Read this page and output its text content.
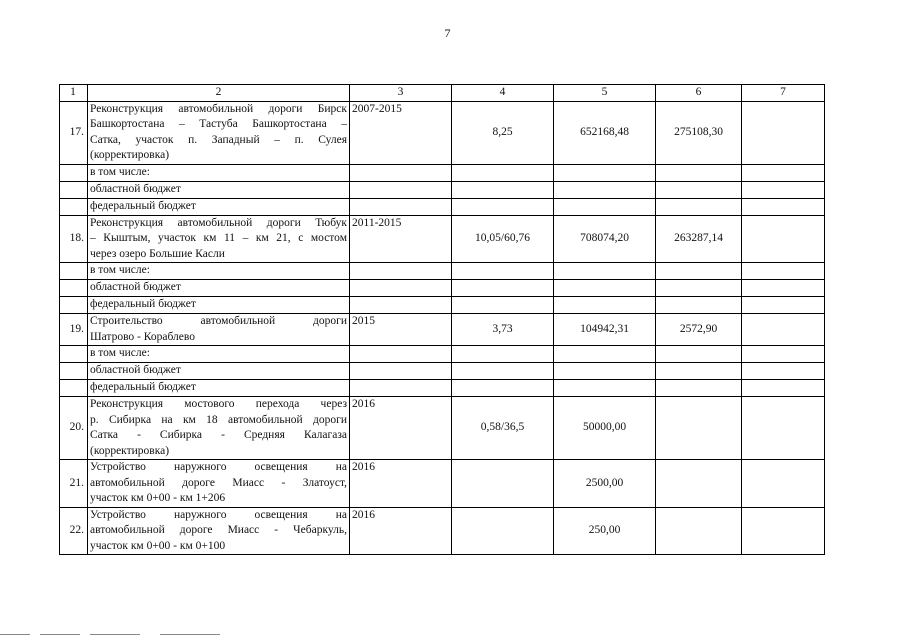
7
1	2	3	4	5	6	7
17.	Реконструкция автомобильной дороги Бирск
Башкортостана – Тастуба Башкортостана –
Сатка, участок п. Западный – п. Сулея
(корректировка)	2007-2015	8,25	652168,48	275108,30	
	в том числе:					
	областной бюджет					
	федеральный бюджет					
18.	Реконструкция автомобильной дороги Тюбук
– Кыштым, участок км 11 – км 21, с мостом
через озеро Большие Касли	2011-2015	10,05/60,76	708074,20	263287,14	
	в том числе:					
	областной бюджет					
	федеральный бюджет					
19.	Строительство автомобильной дороги
Шатрово - Кораблево	2015	3,73	104942,31	2572,90	
	в том числе:					
	областной бюджет					
	федеральный бюджет					
20.	Реконструкция мостового перехода через
р. Сибирка на км 18 автомобильной дороги
Сатка - Сибирка - Средняя Калагаза
(корректировка)	2016	0,58/36,5	50000,00		
21.	Устройство наружного освещения на
автомобильной дороге Миасс - Златоуст,
участок км 0+00 - км 1+206	2016		2500,00		
22.	Устройство наружного освещения на
автомобильной дороге Миасс - Чебаркуль,
участок км 0+00 - км 0+100	2016		250,00		
